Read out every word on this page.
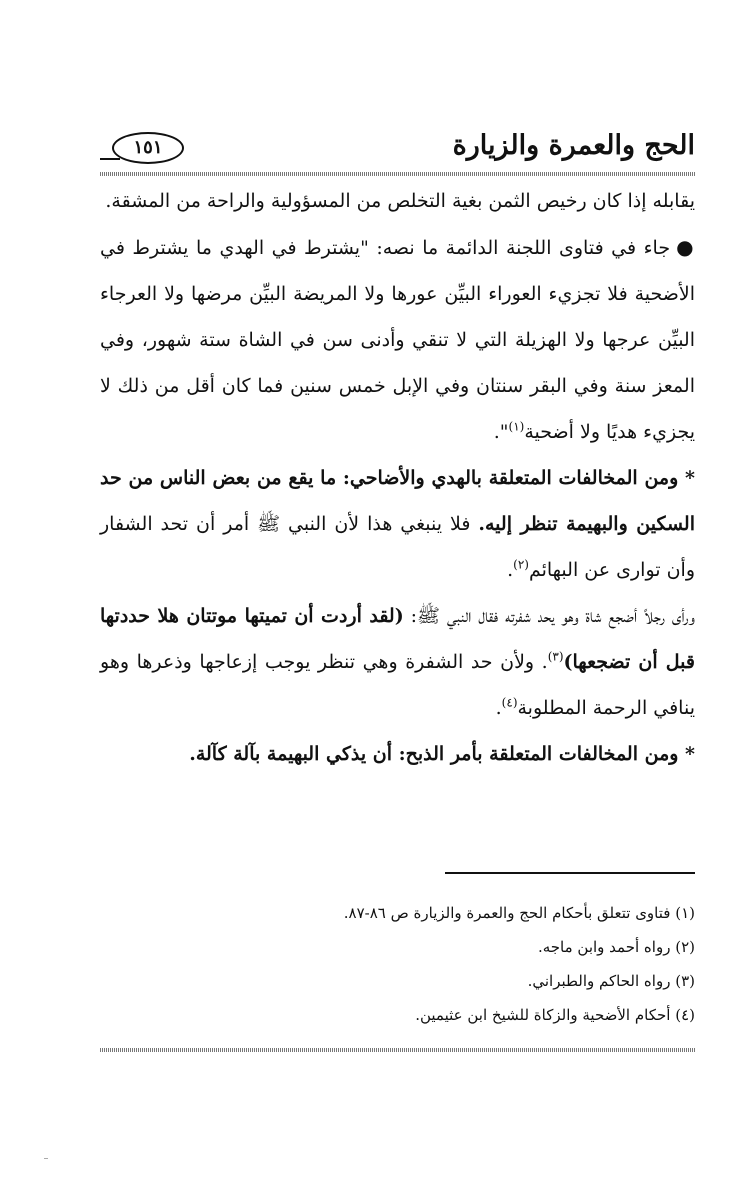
الحج والعمرة والزيارة
١٥١

يقابله إذا كان رخيص الثمن بغية التخلص من المسؤولية والراحة من المشقة.

●جاء في فتاوى اللجنة الدائمة ما نصه: "يشترط في الهدي ما يشترط في الأضحية فلا تجزيء العوراء البيِّن عورها ولا المريضة البيِّن مرضها ولا العرجاء البيِّن عرجها ولا الهزيلة التي لا تنقي وأدنى سن في الشاة ستة شهور، وفي المعز سنة وفي البقر سنتان وفي الإبل خمس سنين فما كان أقل من ذلك لا يجزيء هديًا ولا أضحية$^{(١)}$".

* ومن المخالفات المتعلقة بالهدي والأضاحي: ما يقع من بعض الناس من حد السكين والبهيمة تنظر إليه. فلا ينبغي هذا لأن النبي ﷺ أمر أن تحد الشفار وأن توارى عن البهائم$^{(٢)}$.

ورأى رجلاً أضجع شاة وهو يحد شفرته فقال النبي ﷺ: (لقد أردت أن تميتها موتتان هلا حددتها قبل أن تضجعها)$^{(٣)}$. ولأن حد الشفرة وهي تنظر يوجب إزعاجها وذعرها وهو ينافي الرحمة المطلوبة$^{(٤)}$.

* ومن المخالفات المتعلقة بأمر الذبح: أن يذكي البهيمة بآلة كآلة.

(١) فتاوى تتعلق بأحكام الحج والعمرة والزيارة ص ٨٦-٨٧.

(٢) رواه أحمد وابن ماجه.

(٣) رواه الحاكم والطبراني.

(٤) أحكام الأضحية والزكاة للشيخ ابن عثيمين.
